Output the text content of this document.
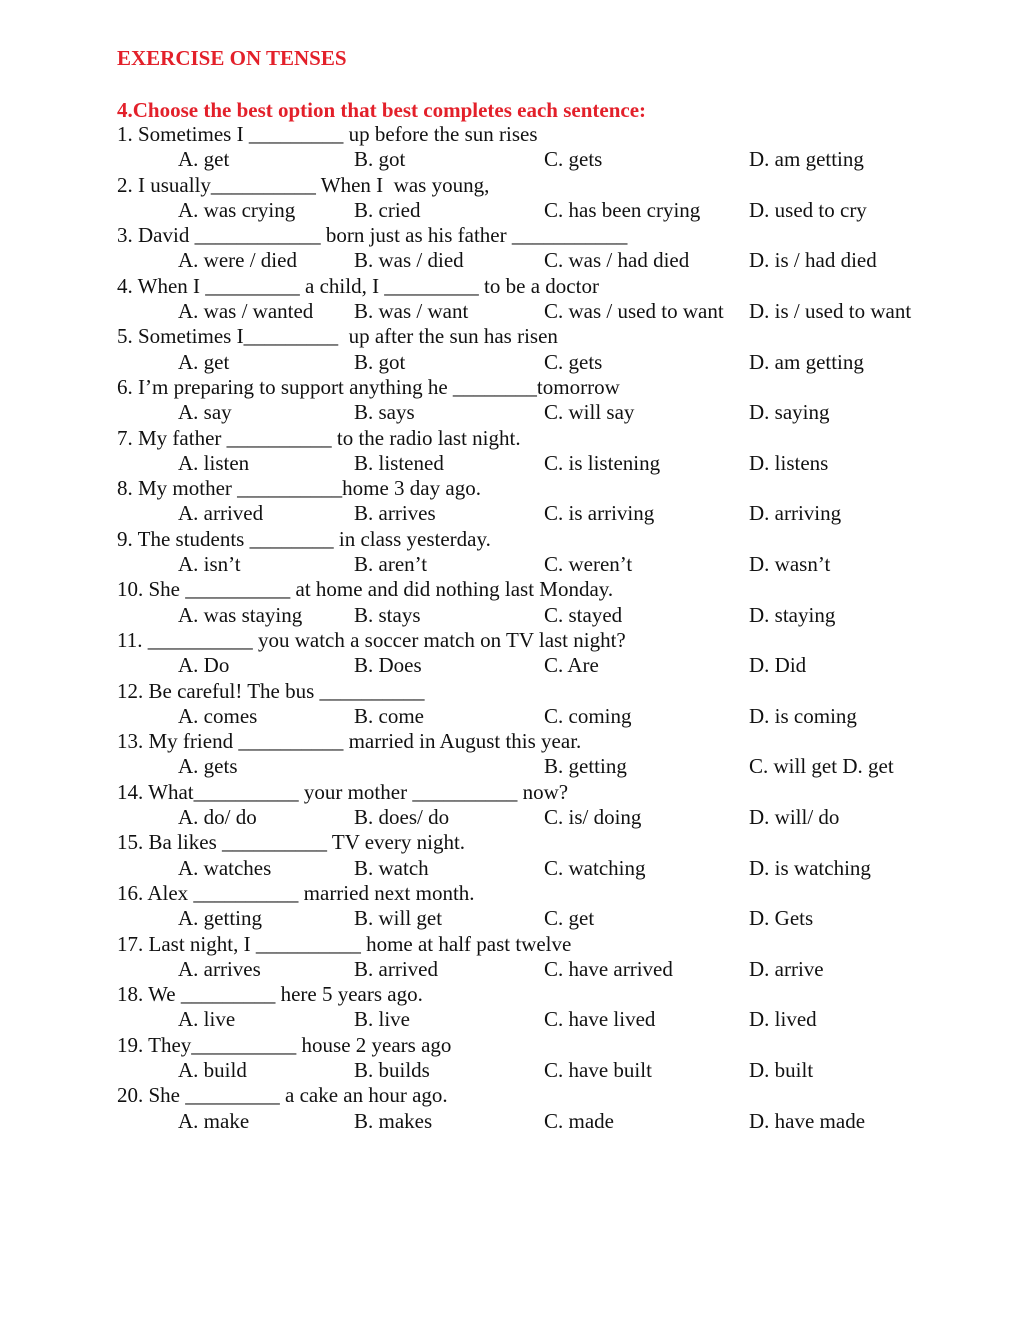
EXERCISE ON TENSES

4.Choose the best option that best completes each sentence:

1. Sometimes I _________ up before the sun rises
A. get	B. got	C. gets	D. am getting
2. I usually__________ When I  was young,
A. was crying	B. cried	C. has been crying D. used to cry
3. David ____________ born just as his father ___________
A. were / died	B. was / died	C. was / had died	D. is / had died
4. When I _________ a child, I _________ to be a doctor
A. was / wanted B. was / want	C. was / used to want D. is / used to want
5. Sometimes I_________  up after the sun has risen
A. get	B. got	C. gets	D. am getting
6. I’m preparing to support anything he ________tomorrow
A. say	B. says	C. will say	D. saying
7. My father __________ to the radio last night.
A. listen	B. listened	C. is listening	D. listens
8. My mother __________home 3 day ago.
A. arrived	B. arrives	C. is arriving	D. arriving
9. The students ________ in class yesterday.
A. isn’t	B. aren’t	C. weren’t	D. wasn’t
10. She __________ at home and did nothing last Monday.
A. was staying B. stays	C. stayed	D. staying
11. __________ you watch a soccer match on TV last night?
A. Do	B. Does	C. Are	D. Did
12. Be careful! The bus __________
A. comes	B. come	C. coming	D. is coming
13. My friend __________ married in August this year.
A. gets	B. getting	C. will get D. get
14. What__________ your mother __________ now?
A. do/ do	B. does/ do	C. is/ doing	D. will/ do
15. Ba likes __________ TV every night.
A. watches	B. watch	C. watching	D. is watching
16. Alex __________ married next month.
A. getting	B. will get	C. get	D. Gets
17. Last night, I __________ home at half past twelve
A. arrives	B. arrived	C. have arrived	D. arrive
18. We _________ here 5 years ago.
A. live	B. live	C. have lived	D. lived
19. They__________ house 2 years ago
A. build	B. builds	C. have built	D. built
20. She _________ a cake an hour ago.
A. make	B. makes	C. made	D. have made
